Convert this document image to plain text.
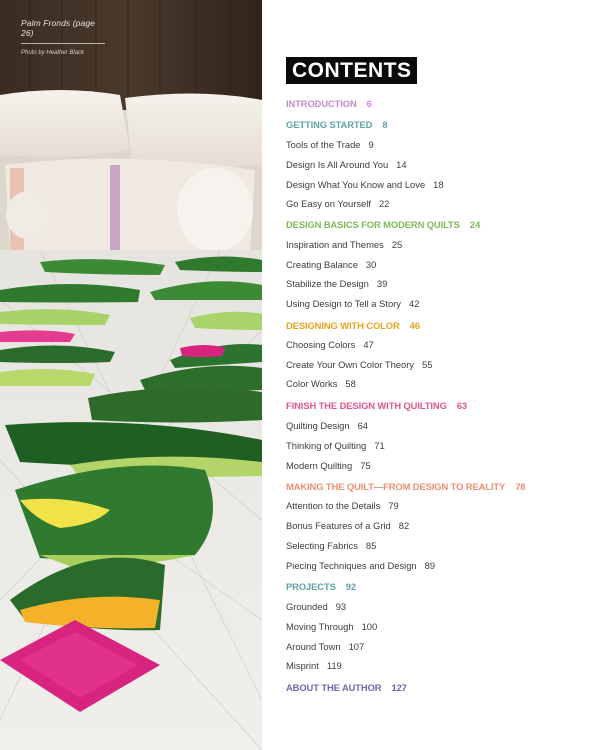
Palm Fronds (page 26)
Photo by Heather Black
CONTENTS
INTRODUCTION 6
GETTING STARTED 8
Tools of the Trade 9
Design Is All Around You 14
Design What You Know and Love 18
Go Easy on Yourself 22
DESIGN BASICS FOR MODERN QUILTS 24
Inspiration and Themes 25
Creating Balance 30
Stabilize the Design 39
Using Design to Tell a Story 42
DESIGNING WITH COLOR 46
Choosing Colors 47
Create Your Own Color Theory 55
Color Works 58
FINISH THE DESIGN WITH QUILTING 63
Quilting Design 64
Thinking of Quilting 71
Modern Quilting 75
MAKING THE QUILT—FROM DESIGN TO REALITY 78
Attention to the Details 79
Bonus Features of a Grid 82
Selecting Fabrics 85
Piecing Techniques and Design 89
PROJECTS 92
Grounded 93
Moving Through 100
Around Town 107
Misprint 119
ABOUT THE AUTHOR 127
